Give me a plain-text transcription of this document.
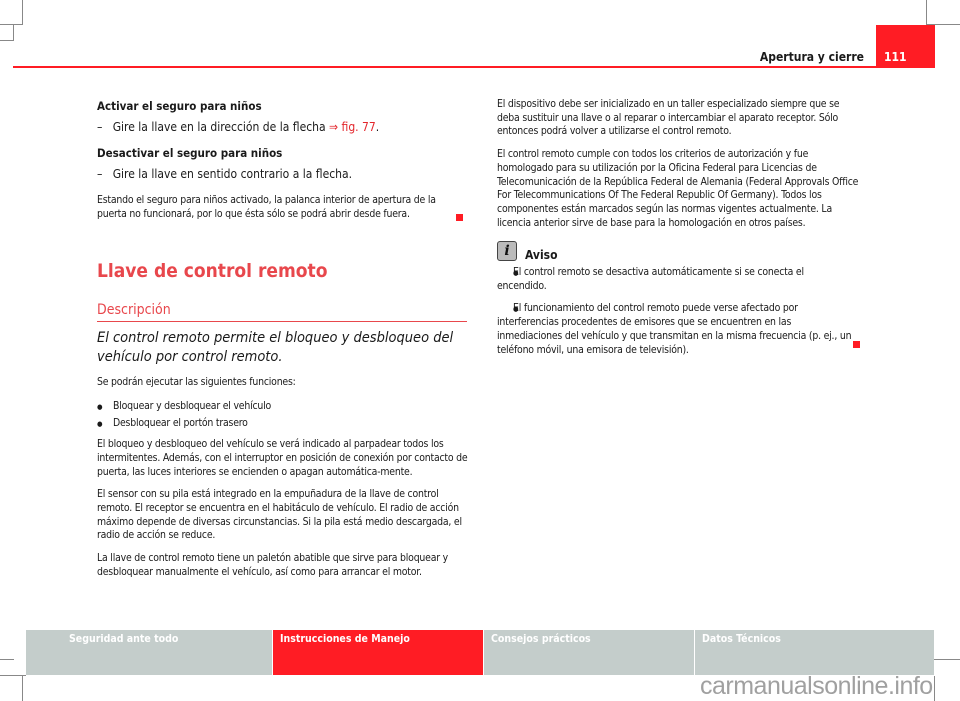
Apertura y cierre 111
Activar el seguro para niños
–   Gire la llave en la dirección de la flecha ⇒ fig. 77.
Desactivar el seguro para niños
–   Gire la llave en sentido contrario a la flecha.
Estando el seguro para niños activado, la palanca interior de apertura de la puerta no funcionará, por lo que ésta sólo se podrá abrir desde fuera.
Llave de control remoto
Descripción
El control remoto permite el bloqueo y desbloqueo del vehículo por control remoto.
Se podrán ejecutar las siguientes funciones:
● Bloquear y desbloquear el vehículo
● Desbloquear el portón trasero
El bloqueo y desbloqueo del vehículo se verá indicado al parpadear todos los intermitentes. Además, con el interruptor en posición de conexión por contacto de puerta, las luces interiores se encienden o apagan automática-mente.
El sensor con su pila está integrado en la empuñadura de la llave de control remoto. El receptor se encuentra en el habitáculo de vehículo. El radio de acción máximo depende de diversas circunstancias. Si la pila está medio descargada, el radio de acción se reduce.
La llave de control remoto tiene un paletón abatible que sirve para bloquear y desbloquear manualmente el vehículo, así como para arrancar el motor.
El dispositivo debe ser inicializado en un taller especializado siempre que se deba sustituir una llave o al reparar o intercambiar el aparato receptor. Sólo entonces podrá volver a utilizarse el control remoto.
El control remoto cumple con todos los criterios de autorización y fue homologado para su utilización por la Oficina Federal para Licencias de Telecomunicación de la República Federal de Alemania (Federal Approvals Office For Telecommunications Of The Federal Republic Of Germany). Todos los componentes están marcados según las normas vigentes actualmente. La licencia anterior sirve de base para la homologación en otros países.
i	Aviso
● El control remoto se desactiva automáticamente si se conecta el encendido.
● El funcionamiento del control remoto puede verse afectado por interferencias procedentes de emisores que se encuentren en las inmediaciones del vehículo y que transmitan en la misma frecuencia (p. ej., un teléfono móvil, una emisora de televisión).
Seguridad ante todo	Instrucciones de Manejo	Consejos prácticos	Datos Técnicos
carmanualsonline.info
